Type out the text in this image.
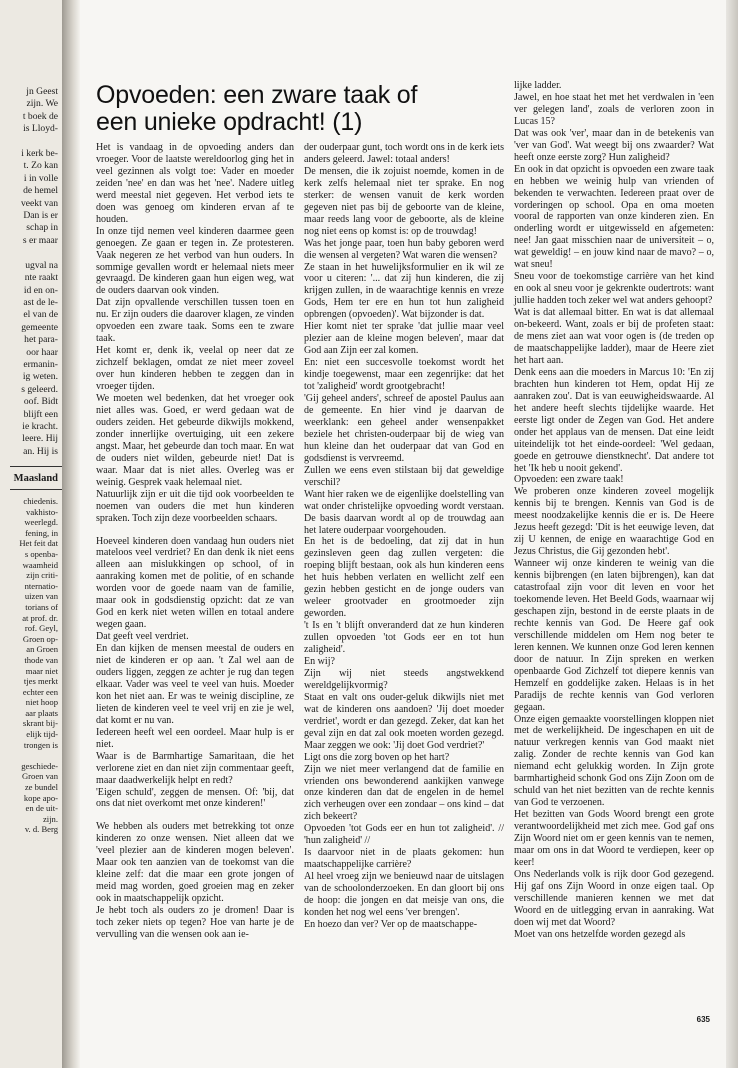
jn Geest
zijn. We
t boek de
is Lloyd-

i kerk be-
t. Zo kan
i in volle
de hemel
veekt van
Dan is er
schap in
s er maar

ugval na
nte raakt
id en on-
ast de le-
el van de
gemeente
het para-
oor haar
ermanin-
ig weten.
s geleerd.
oof. Bidt
blijft een
ie kracht.
leere. Hij
an. Hij is
Maasland
chiedenis.
vakhisto-
weerlegd.
fening, in
Het feit dat
s openba-
waamheid
zijn criti-
nternatio-
uizen van
torians of
at prof. dr.
rof. Geyl,
Groen op-
an Groen
thode van
maar niet
tjes merkt
echter een
niet hoop
aar plaats
skrant bij-
elijk tijd-
trongen is

geschiede-
Groen van
ze bundel
kope apo-
en de uit-
zijn.
v. d. Berg
Opvoeden: een zware taak of een unieke opdracht! (1)

Het is vandaag in de opvoeding anders dan vroeger. Voor de laatste wereldoorlog ging het in veel gezinnen als volgt toe: Vader en moeder zeiden 'nee' en dan was het 'nee'. Nadere uitleg werd meestal niet gegeven. Het verbod iets te doen was genoeg om kinderen ervan af te houden.

In onze tijd nemen veel kinderen daarmee geen genoegen. Ze gaan er tegen in. Ze protesteren. Vaak negeren ze het verbod van hun ouders. In sommige gevallen wordt er helemaal niets meer gevraagd. De kinderen gaan hun eigen weg, wat de ouders daarvan ook vinden.

Dat zijn opvallende verschillen tussen toen en nu. Er zijn ouders die daarover klagen, ze vinden opvoeden een zware taak. Soms een te zware taak.

Het komt er, denk ik, veelal op neer dat ze zichzelf beklagen, omdat ze niet meer zoveel over hun kinderen hebben te zeggen dan in vroeger tijden.

We moeten wel bedenken, dat het vroeger ook niet alles was. Goed, er werd gedaan wat de ouders zeiden. Het gebeurde dikwijls mokkend, zonder innerlijke overtuiging, uit een zekere angst. Maar, het gebeurde dan toch maar. En wat de ouders niet wilden, gebeurde niet! Dat is waar. Maar dat is niet alles. Overleg was er weinig. Gesprek vaak helemaal niet.

Natuurlijk zijn er uit die tijd ook voorbeelden te noemen van ouders die met hun kinderen spraken. Toch zijn deze voorbeelden schaars.

Hoeveel kinderen doen vandaag hun ouders niet mateloos veel verdriet? En dan denk ik niet eens alleen aan mislukkingen op school, of in aanraking komen met de politie, of en schande worden voor de goede naam van de familie, maar ook in godsdienstig opzicht: dat ze van God en kerk niet weten willen en totaal andere wegen gaan.

Dat geeft veel verdriet.

En dan kijken de mensen meestal de ouders en niet de kinderen er op aan. 't Zal wel aan de ouders liggen, zeggen ze achter je rug dan tegen elkaar. Vader was veel te veel van huis. Moeder kon het niet aan. Er was te weinig discipline, ze lieten de kinderen veel te veel vrij en zie je wel, dat komt er nu van.

Iedereen heeft wel een oordeel. Maar hulp is er niet.

Waar is de Barmhartige Samaritaan, die het verlorene ziet en dan niet zijn commentaar geeft, maar daadwerkelijk helpt en redt?

'Eigen schuld', zeggen de mensen. Of: 'bij, dat ons dat niet overkomt met onze kinderen!'

We hebben als ouders met betrekking tot onze kinderen zo onze wensen. Niet alleen dat we 'veel plezier aan de kinderen mogen beleven'. Maar ook ten aanzien van de toekomst van die kleine zelf: dat die maar een grote jongen of meid mag worden, goed groeien mag en zeker ook in maatschappelijk opzicht.

Je hebt toch als ouders zo je dromen! Daar is toch zeker niets op tegen? Hoe van harte je de vervulling van die wensen ook aan ie-

der ouderpaar gunt, toch wordt ons in de kerk iets anders geleerd. Jawel: totaal anders!

De mensen, die ik zojuist noemde, komen in de kerk zelfs helemaal niet ter sprake. En nog sterker: de wensen vanuit de kerk worden gegeven niet pas bij de geboorte van de kleine, maar reeds lang voor de geboorte, als de kleine nog niet eens op komst is: op de trouwdag!

Was het jonge paar, toen hun baby geboren werd die wensen al vergeten? Wat waren die wensen?

Ze staan in het huwelijksformulier en ik wil ze voor u citeren: '... dat zij hun kinderen, die zij krijgen zullen, in de waarachtige kennis en vreze Gods, Hem ter ere en hun tot hun zaligheid opbrengen (opvoeden)'. Wat bijzonder is dat.

Hier komt niet ter sprake 'dat jullie maar veel plezier aan de kleine mogen beleven', maar dat God aan Zijn eer zal komen.

En: niet een succesvolle toekomst wordt het kindje toegewenst, maar een zegenrijke: dat het tot 'zaligheid' wordt grootgebracht!

'Gij geheel anders', schreef de apostel Paulus aan de gemeente. En hier vind je daarvan de weerklank: een geheel ander wensenpakket beziele het christen-ouderpaar bij de wieg van hun kleine dan het ouderpaar dat van God en godsdienst is vervreemd.

Zullen we eens even stilstaan bij dat geweldige verschil?

Want hier raken we de eigenlijke doelstelling van wat onder christelijke opvoeding wordt verstaan. De basis daarvan wordt al op de trouwdag aan het latere ouderpaar voorgehouden.

En het is de bedoeling, dat zij dat in hun gezinsleven geen dag zullen vergeten: die roeping blijft bestaan, ook als hun kinderen eens het huis hebben verlaten en wellicht zelf een gezin hebben gesticht en de jonge ouders van weleer grootvader en grootmoeder zijn geworden.

't Is en 't blijft onveranderd dat ze hun kinderen zullen opvoeden 'tot Gods eer en tot hun zaligheid'.

En wij?

Zijn wij niet steeds angstwekkend wereldgelijkvormig?

Staat en valt ons ouder-geluk dikwijls niet met wat de kinderen ons aandoen? 'Jij doet moeder verdriet', wordt er dan gezegd. Zeker, dat kan het geval zijn en dat zal ook moeten worden gezegd. Maar zeggen we ook: 'Jij doet God verdriet?'

Ligt ons die zorg boven op het hart?

Zijn we niet meer verlangend dat de familie en vrienden ons bewonderend aankijken vanwege onze kinderen dan dat de engelen in de hemel zich verheugen over een zondaar – ons kind – dat zich bekeert?

Opvoeden 'tot Gods eer en hun tot zaligheid'. // 'hun zaligheid' //

Is daarvoor niet in de plaats gekomen: hun maatschappelijke carrière?

Al heel vroeg zijn we benieuwd naar de uitslagen van de schoolonderzoeken. En dan gloort bij ons de hoop: die jongen en dat meisje van ons, die konden het nog wel eens 'ver brengen'.

En hoezo dan ver? Ver op de maatschappe-

lijke ladder.

Jawel, en hoe staat het met het verdwalen in 'een ver gelegen land', zoals de verloren zoon in Lucas 15?

Dat was ook 'ver', maar dan in de betekenis van 'ver van God'. Wat weegt bij ons zwaarder? Wat heeft onze eerste zorg? Hun zaligheid?

En ook in dat opzicht is opvoeden een zware taak en hebben we weinig hulp van vrienden of bekenden te verwachten. Iedereen praat over de vorderingen op school. Opa en oma moeten vooral de rapporten van onze kinderen zien. En onderling wordt er uitgewisseld en afgemeten: nee! Jan gaat misschien naar de universiteit – o, wat geweldig! – en jouw kind naar de mavo? – o, wat sneu!

Sneu voor de toekomstige carrière van het kind en ook al sneu voor je gekrenkte oudertrots: want jullie hadden toch zeker wel wat anders gehoopt?

Wat is dat allemaal bitter. En wat is dat allemaal on-bekeerd. Want, zoals er bij de profeten staat: de mens ziet aan wat voor ogen is (de treden op de maatschappelijke ladder), maar de Heere ziet het hart aan.

Denk eens aan die moeders in Marcus 10: 'En zij brachten hun kinderen tot Hem, opdat Hij ze aanraken zou'. Dat is van eeuwigheidswaarde. Al het andere heeft slechts tijdelijke waarde. Het eerste ligt onder de Zegen van God. Het andere onder het applaus van de mensen. Dat eine leidt uiteindelijk tot het einde-oordeel: 'Wel gedaan, goede en getrouwe dienstknecht'. Dat andere tot het 'Ik heb u nooit gekend'.

Opvoeden: een zware taak!

We proberen onze kinderen zoveel mogelijk kennis bij te brengen. Kennis van God is de meest noodzakelijke kennis die er is. De Heere Jezus heeft gezegd: 'Dit is het eeuwige leven, dat zij U kennen, de enige en waarachtige God en Jezus Christus, die Gij gezonden hebt'.

Wanneer wij onze kinderen te weinig van die kennis bijbrengen (en laten bijbrengen), kan dat catastrofaal zijn voor dit leven en voor het toekomende leven. Het Beeld Gods, waarnaar wij geschapen zijn, bestond in de eerste plaats in de rechte kennis van God. De Heere gaf ook verschillende middelen om Hem nog beter te leren kennen. We kunnen onze God leren kennen door de natuur. In Zijn spreken en werken openbaarde God Zichzelf tot diepere kennis van Hemzelf en goddelijke zaken. Helaas is in het Paradijs de rechte kennis van God verloren gegaan.

Onze eigen gemaakte voorstellingen kloppen niet met de werkelijkheid. De ingeschapen en uit de natuur verkregen kennis van God maakt niet zalig. Zonder de rechte kennis van God kan niemand echt gelukkig worden. In Zijn grote barmhartigheid schonk God ons Zijn Zoon om de schuld van het niet bezitten van de rechte kennis van God te verzoenen.

Het bezitten van Gods Woord brengt een grote verantwoordelijkheid met zich mee. God gaf ons Zijn Woord niet om er geen kennis van te nemen, maar om ons in dat Woord te verdiepen, keer op keer!

Ons Nederlands volk is rijk door God gezegend. Hij gaf ons Zijn Woord in onze eigen taal. Op verschillende manieren kennen we met dat Woord en de uitlegging ervan in aanraking. Wat doen wij met dat Woord?

Moet van ons hetzelfde worden gezegd als

635
